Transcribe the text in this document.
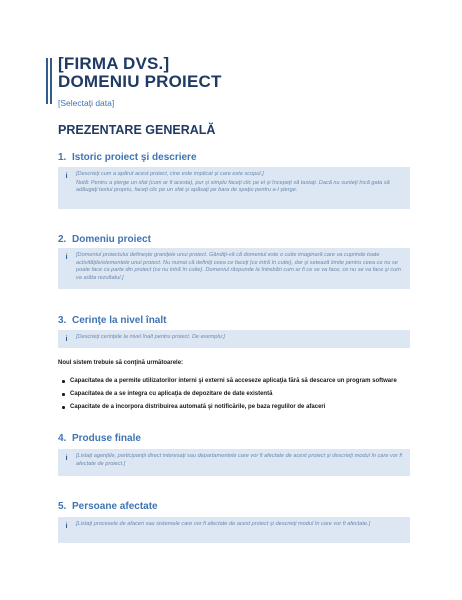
[FIRMA DVS.]
DOMENIU PROIECT
[Selectaţi data]
PREZENTARE GENERALĂ
1. Istoric proiect şi descriere
i	[Descrieţi cum a apărut acest proiect, cine este implicat şi care este scopul.]

Notă: Pentru a şterge un sfat (cum ar fi acesta), pur şi simplu faceţi clic pe el şi începeţi să tastaţi. Dacă nu sunteţi încă gata să adăugaţi textul propriu, faceţi clic pe un sfat şi apăsaţi pe bara de spaţiu pentru a-l şterge.

2. Domeniu proiect
i	[Domeniul proiectului defineşte graniţele unui proiect. Gândiţi-vă că domeniul este o cutie imaginară care va cuprinde toate activităţile/elementele unui proiect. Nu numai că definiţi ceea ce faceţi (ce intră în cutie), dar şi setează limite pentru ceea ce nu se poate face ca parte din proiect (ce nu intră în cutie). Domeniul răspunde la întrebări cum ar fi ce se va face, ce nu se va face şi cum va arăta rezultatul.]

3. Cerinţe la nivel înalt
i	[Descrieţi cerinţele la nivel înalt pentru proiect. De exemplu:]

Noul sistem trebuie să conţină următoarele:
Capacitatea de a permite utilizatorilor interni şi externi să acceseze aplicaţia fără să descarce un program software
Capacitatea de a se integra cu aplicaţia de depozitare de date existentă
Capacitate de a încorpora distribuirea automată şi notificările, pe baza regulilor de afaceri
4. Produse finale
i	[Listaţi agenţiile, participanţii direct interesaţi sau departamentele care vor fi afectate de acest proiect şi descrieţi modul în care vor fi afectate de proiect.]

5. Persoane afectate
i	[Listaţi procesele de afaceri sau sistemele care vor fi afectate de acest proiect şi descrieţi modul în care vor fi afectate.]
